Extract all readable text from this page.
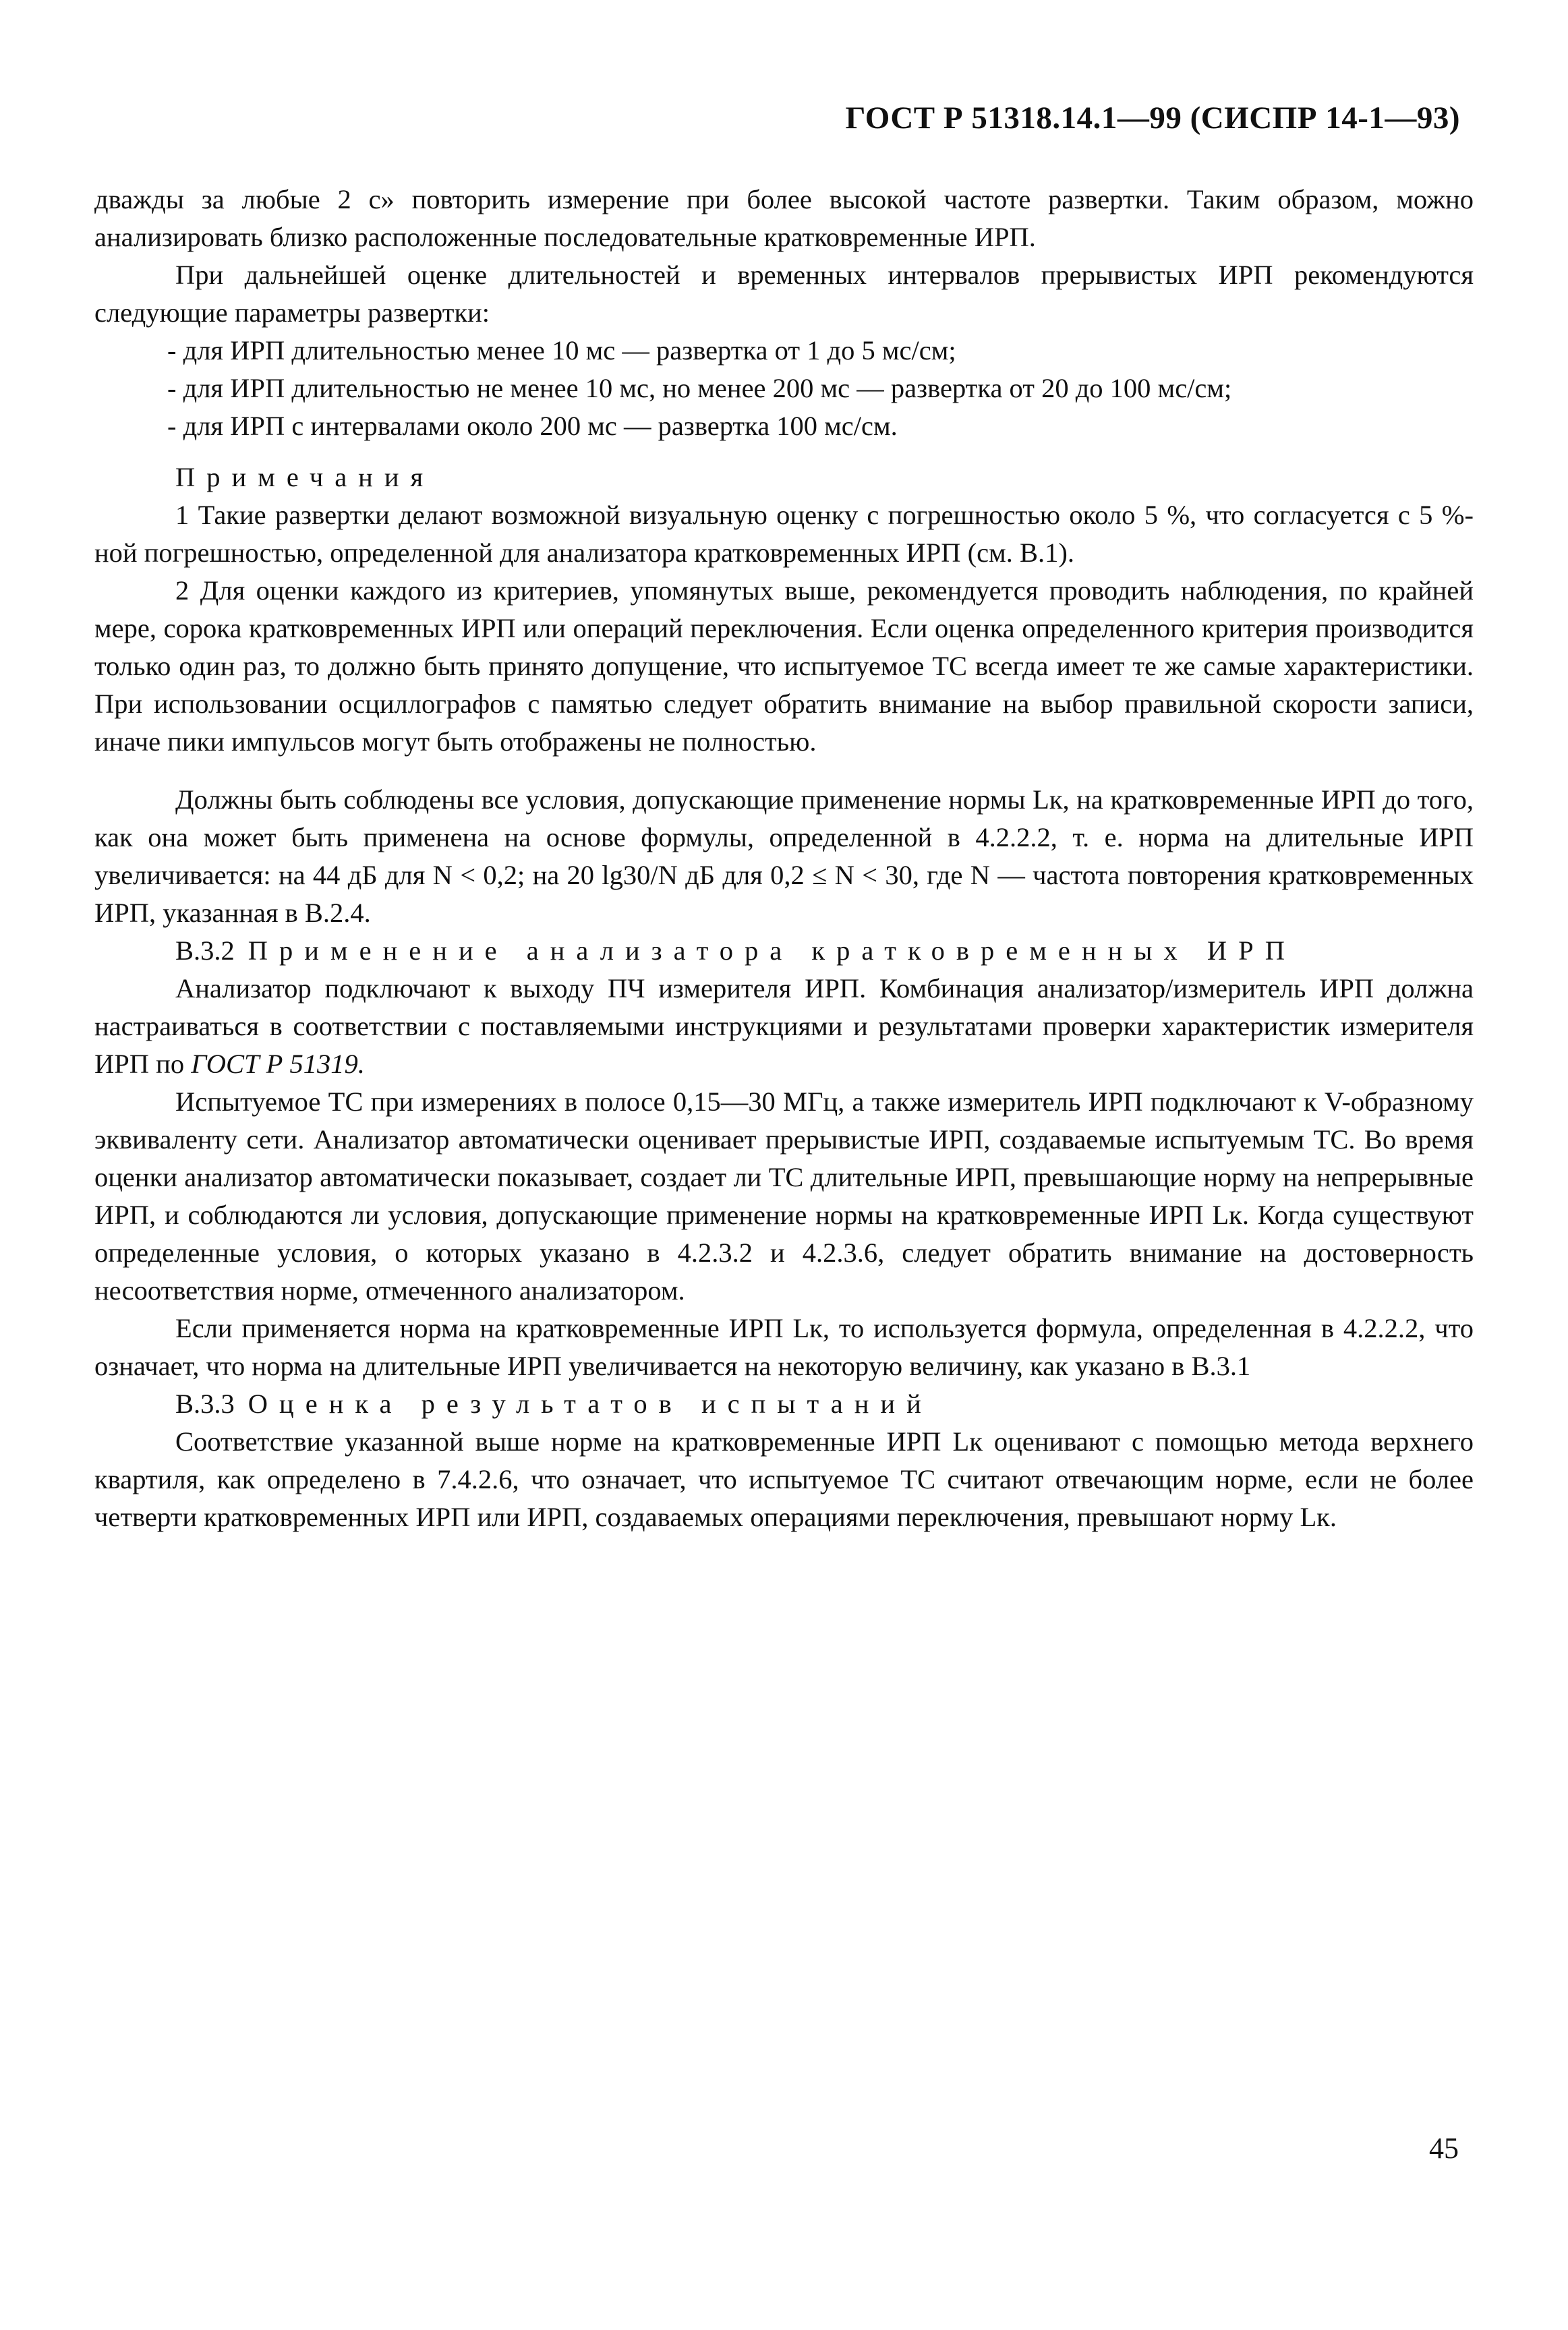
ГОСТ Р 51318.14.1—99 (СИСПР 14-1—93)

дважды за любые 2 с» повторить измерение при более высокой частоте развертки. Таким образом, можно анализировать близко расположенные последовательные кратковременные ИРП.

При дальнейшей оценке длительностей и временных интервалов прерывистых ИРП рекомендуются следующие параметры развертки:

- для ИРП длительностью менее 10 мс — развертка от 1 до 5 мс/см;

- для ИРП длительностью не менее 10 мс, но менее 200 мс — развертка от 20 до 100 мс/см;

- для ИРП с интервалами около 200 мс — развертка 100 мс/см.

Примечания

1 Такие развертки делают возможной визуальную оценку с погрешностью около 5 %, что согласуется с 5 %-ной погрешностью, определенной для анализатора кратковременных ИРП (см. В.1).

2 Для оценки каждого из критериев, упомянутых выше, рекомендуется проводить наблюдения, по крайней мере, сорока кратковременных ИРП или операций переключения. Если оценка определенного критерия производится только один раз, то должно быть принято допущение, что испытуемое ТС всегда имеет те же самые характеристики. При использовании осциллографов с памятью следует обратить внимание на выбор правильной скорости записи, иначе пики импульсов могут быть отображены не полностью.

Должны быть соблюдены все условия, допускающие применение нормы Lк, на кратковременные ИРП до того, как она может быть применена на основе формулы, определенной в 4.2.2.2, т. е. норма на длительные ИРП увеличивается: на 44 дБ для N < 0,2; на 20 lg30/N дБ для 0,2 ≤ N < 30, где N — частота повторения кратковременных ИРП, указанная в В.2.4.

В.3.2 Применение анализатора кратковременных ИРП

Анализатор подключают к выходу ПЧ измерителя ИРП. Комбинация анализатор/измеритель ИРП должна настраиваться в соответствии с поставляемыми инструкциями и результатами проверки характеристик измерителя ИРП по ГОСТ Р 51319.

Испытуемое ТС при измерениях в полосе 0,15—30 МГц, а также измеритель ИРП подключают к V-образному эквиваленту сети. Анализатор автоматически оценивает прерывистые ИРП, создаваемые испытуемым ТС. Во время оценки анализатор автоматически показывает, создает ли ТС длительные ИРП, превышающие норму на непрерывные ИРП, и соблюдаются ли условия, допускающие применение нормы на кратковременные ИРП Lк. Когда существуют определенные условия, о которых указано в 4.2.3.2 и 4.2.3.6, следует обратить внимание на достоверность несоответствия норме, отмеченного анализатором.

Если применяется норма на кратковременные ИРП Lк, то используется формула, определенная в 4.2.2.2, что означает, что норма на длительные ИРП увеличивается на некоторую величину, как указано в В.3.1

В.3.3 Оценка результатов испытаний

Соответствие указанной выше норме на кратковременные ИРП Lк оценивают с помощью метода верхнего квартиля, как определено в 7.4.2.6, что означает, что испытуемое ТС считают отвечающим норме, если не более четверти кратковременных ИРП или ИРП, создаваемых операциями переключения, превышают норму Lк.

45
